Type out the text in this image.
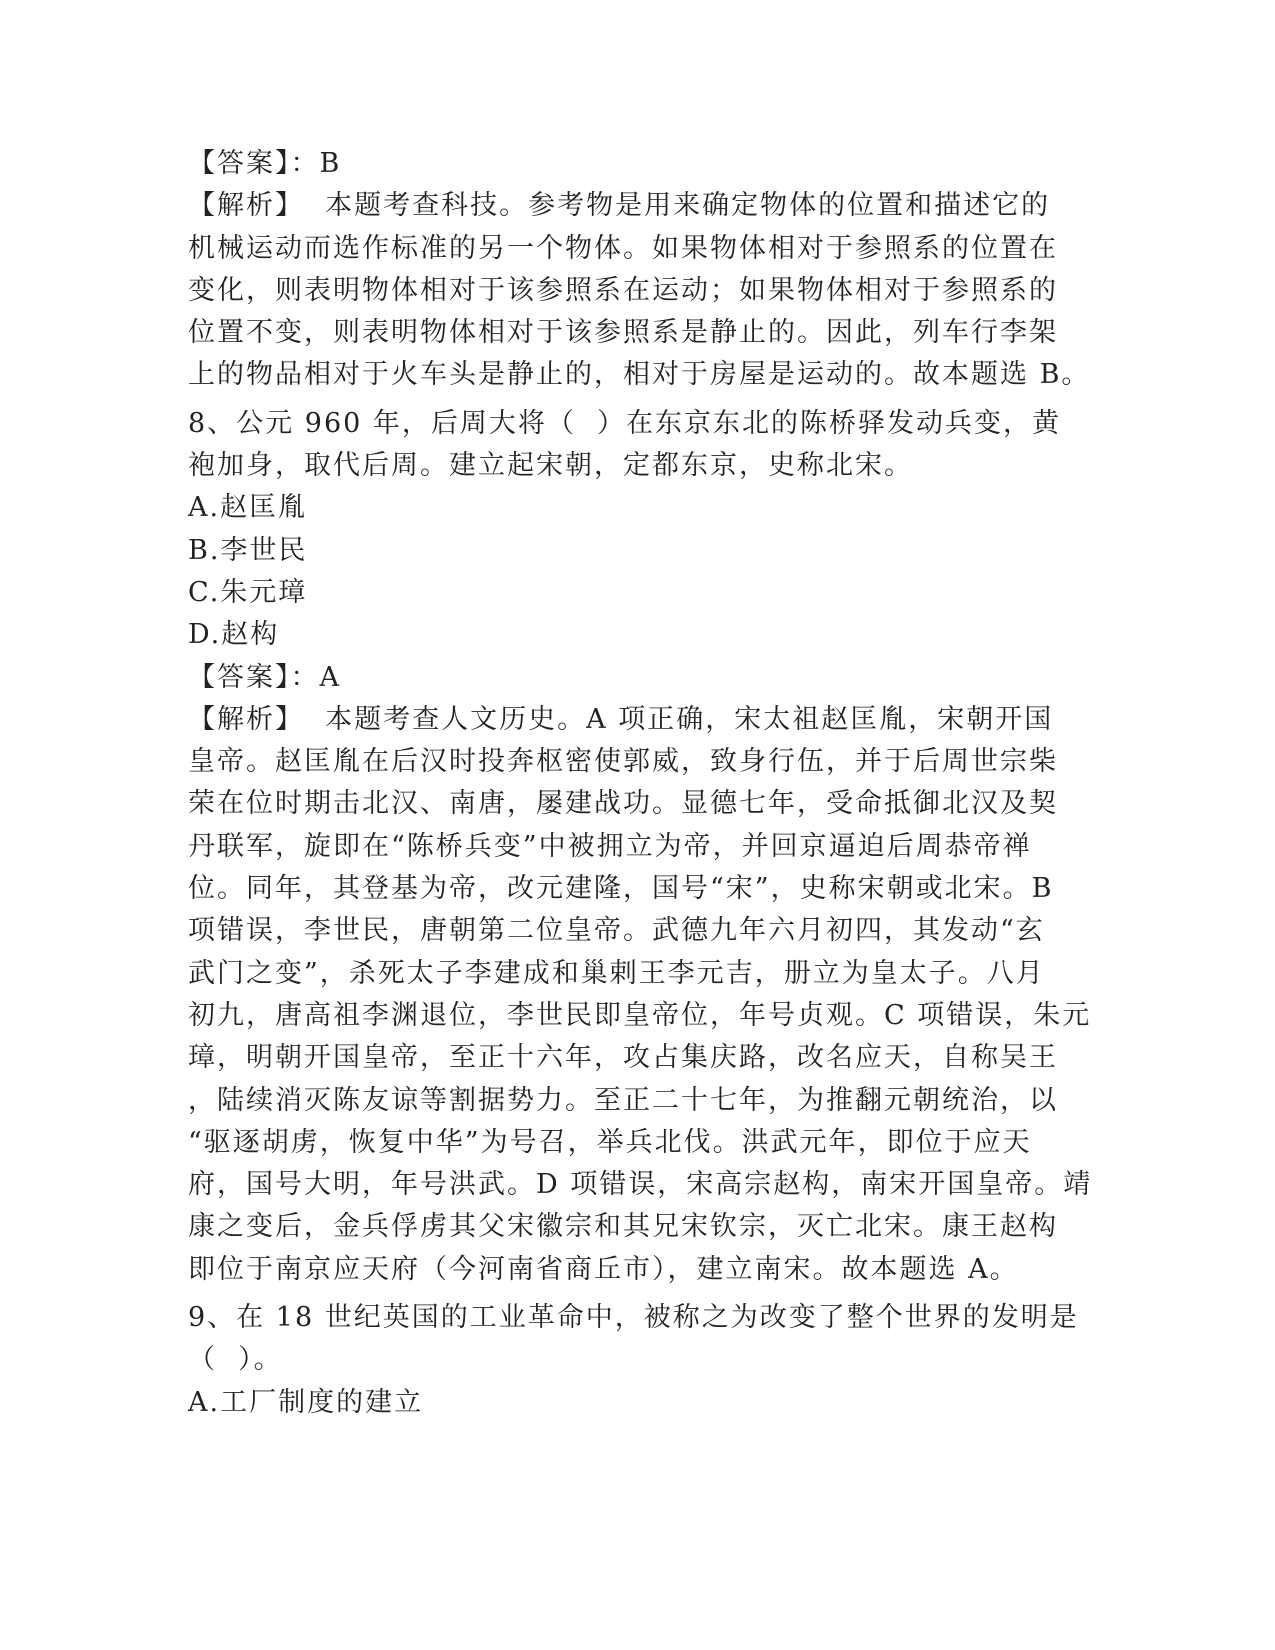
【答案】：B
【解析】  本题考查科技。参考物是用来确定物体的位置和描述它的
机械运动而选作标准的另一个物体。如果物体相对于参照系的位置在
变化，则表明物体相对于该参照系在运动；如果物体相对于参照系的
位置不变，则表明物体相对于该参照系是静止的。因此，列车行李架
上的物品相对于火车头是静止的，相对于房屋是运动的。故本题选 B。
8、公元 960 年，后周大将（  ）在东京东北的陈桥驿发动兵变，黄
袍加身，取代后周。建立起宋朝，定都东京，史称北宋。
A.赵匡胤
B.李世民
C.朱元璋
D.赵构
【答案】：A
【解析】  本题考查人文历史。A 项正确，宋太祖赵匡胤，宋朝开国
皇帝。赵匡胤在后汉时投奔枢密使郭威，致身行伍，并于后周世宗柴
荣在位时期击北汉、南唐，屡建战功。显德七年，受命抵御北汉及契
丹联军，旋即在“陈桥兵变”中被拥立为帝，并回京逼迫后周恭帝禅
位。同年，其登基为帝，改元建隆，国号“宋”，史称宋朝或北宋。B
项错误，李世民，唐朝第二位皇帝。武德九年六月初四，其发动“玄
武门之变”，杀死太子李建成和巢剌王李元吉，册立为皇太子。八月
初九，唐高祖李渊退位，李世民即皇帝位，年号贞观。C 项错误，朱元
璋，明朝开国皇帝，至正十六年，攻占集庆路，改名应天，自称吴王
，陆续消灭陈友谅等割据势力。至正二十七年，为推翻元朝统治，以
“驱逐胡虏，恢复中华”为号召，举兵北伐。洪武元年，即位于应天
府，国号大明，年号洪武。D 项错误，宋高宗赵构，南宋开国皇帝。靖
康之变后，金兵俘虏其父宋徽宗和其兄宋钦宗，灭亡北宋。康王赵构
即位于南京应天府（今河南省商丘市），建立南宋。故本题选 A。
9、在 18 世纪英国的工业革命中，被称之为改变了整个世界的发明是
（  ）。
A.工厂制度的建立
